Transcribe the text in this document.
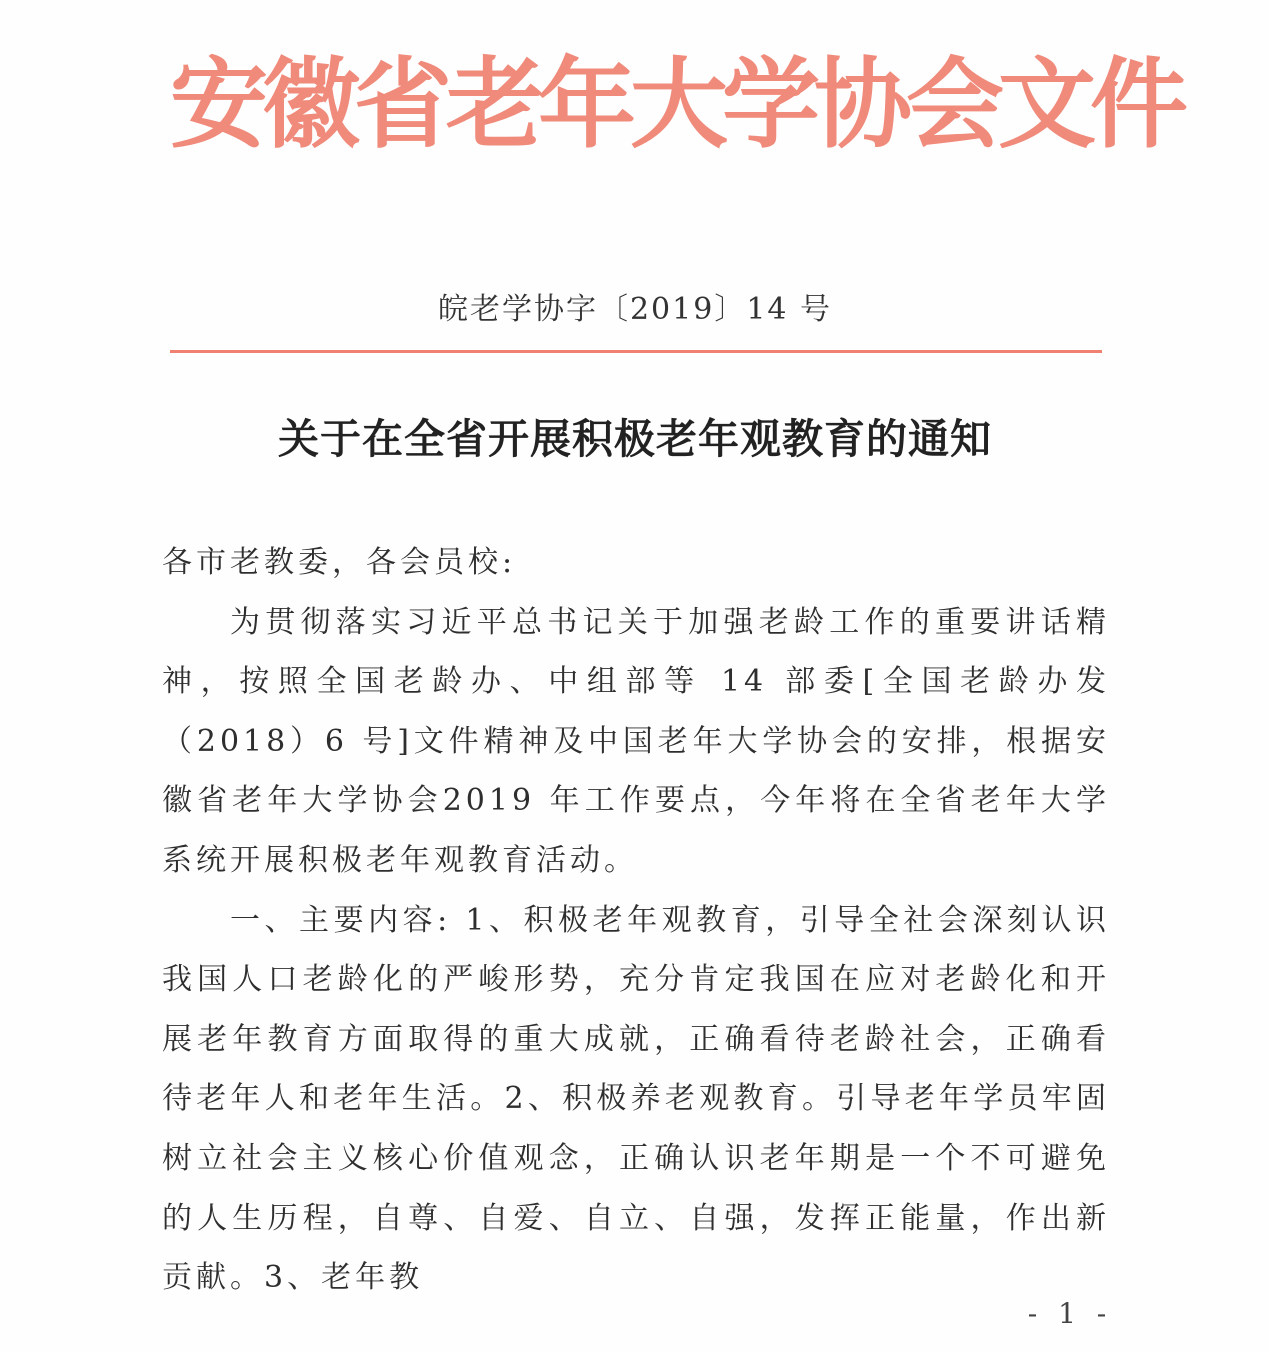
安徽省老年大学协会文件
皖老学协字〔2019〕14 号
关于在全省开展积极老年观教育的通知

各市老教委，各会员校:

为贯彻落实习近平总书记关于加强老龄工作的重要讲话精神，按照全国老龄办、中组部等 14 部委[全国老龄办发（2018）6 号]文件精神及中国老年大学协会的安排，根据安徽省老年大学协会2019 年工作要点，今年将在全省老年大学系统开展积极老年观教育活动。

一、主要内容: 1、积极老年观教育，引导全社会深刻认识我国人口老龄化的严峻形势，充分肯定我国在应对老龄化和开展老年教育方面取得的重大成就，正确看待老龄社会，正确看待老年人和老年生活。2、积极养老观教育。引导老年学员牢固树立社会主义核心价值观念，正确认识老年期是一个不可避免的人生历程，自尊、自爱、自立、自强，发挥正能量，作出新贡献。3、老年教

- 1 -
